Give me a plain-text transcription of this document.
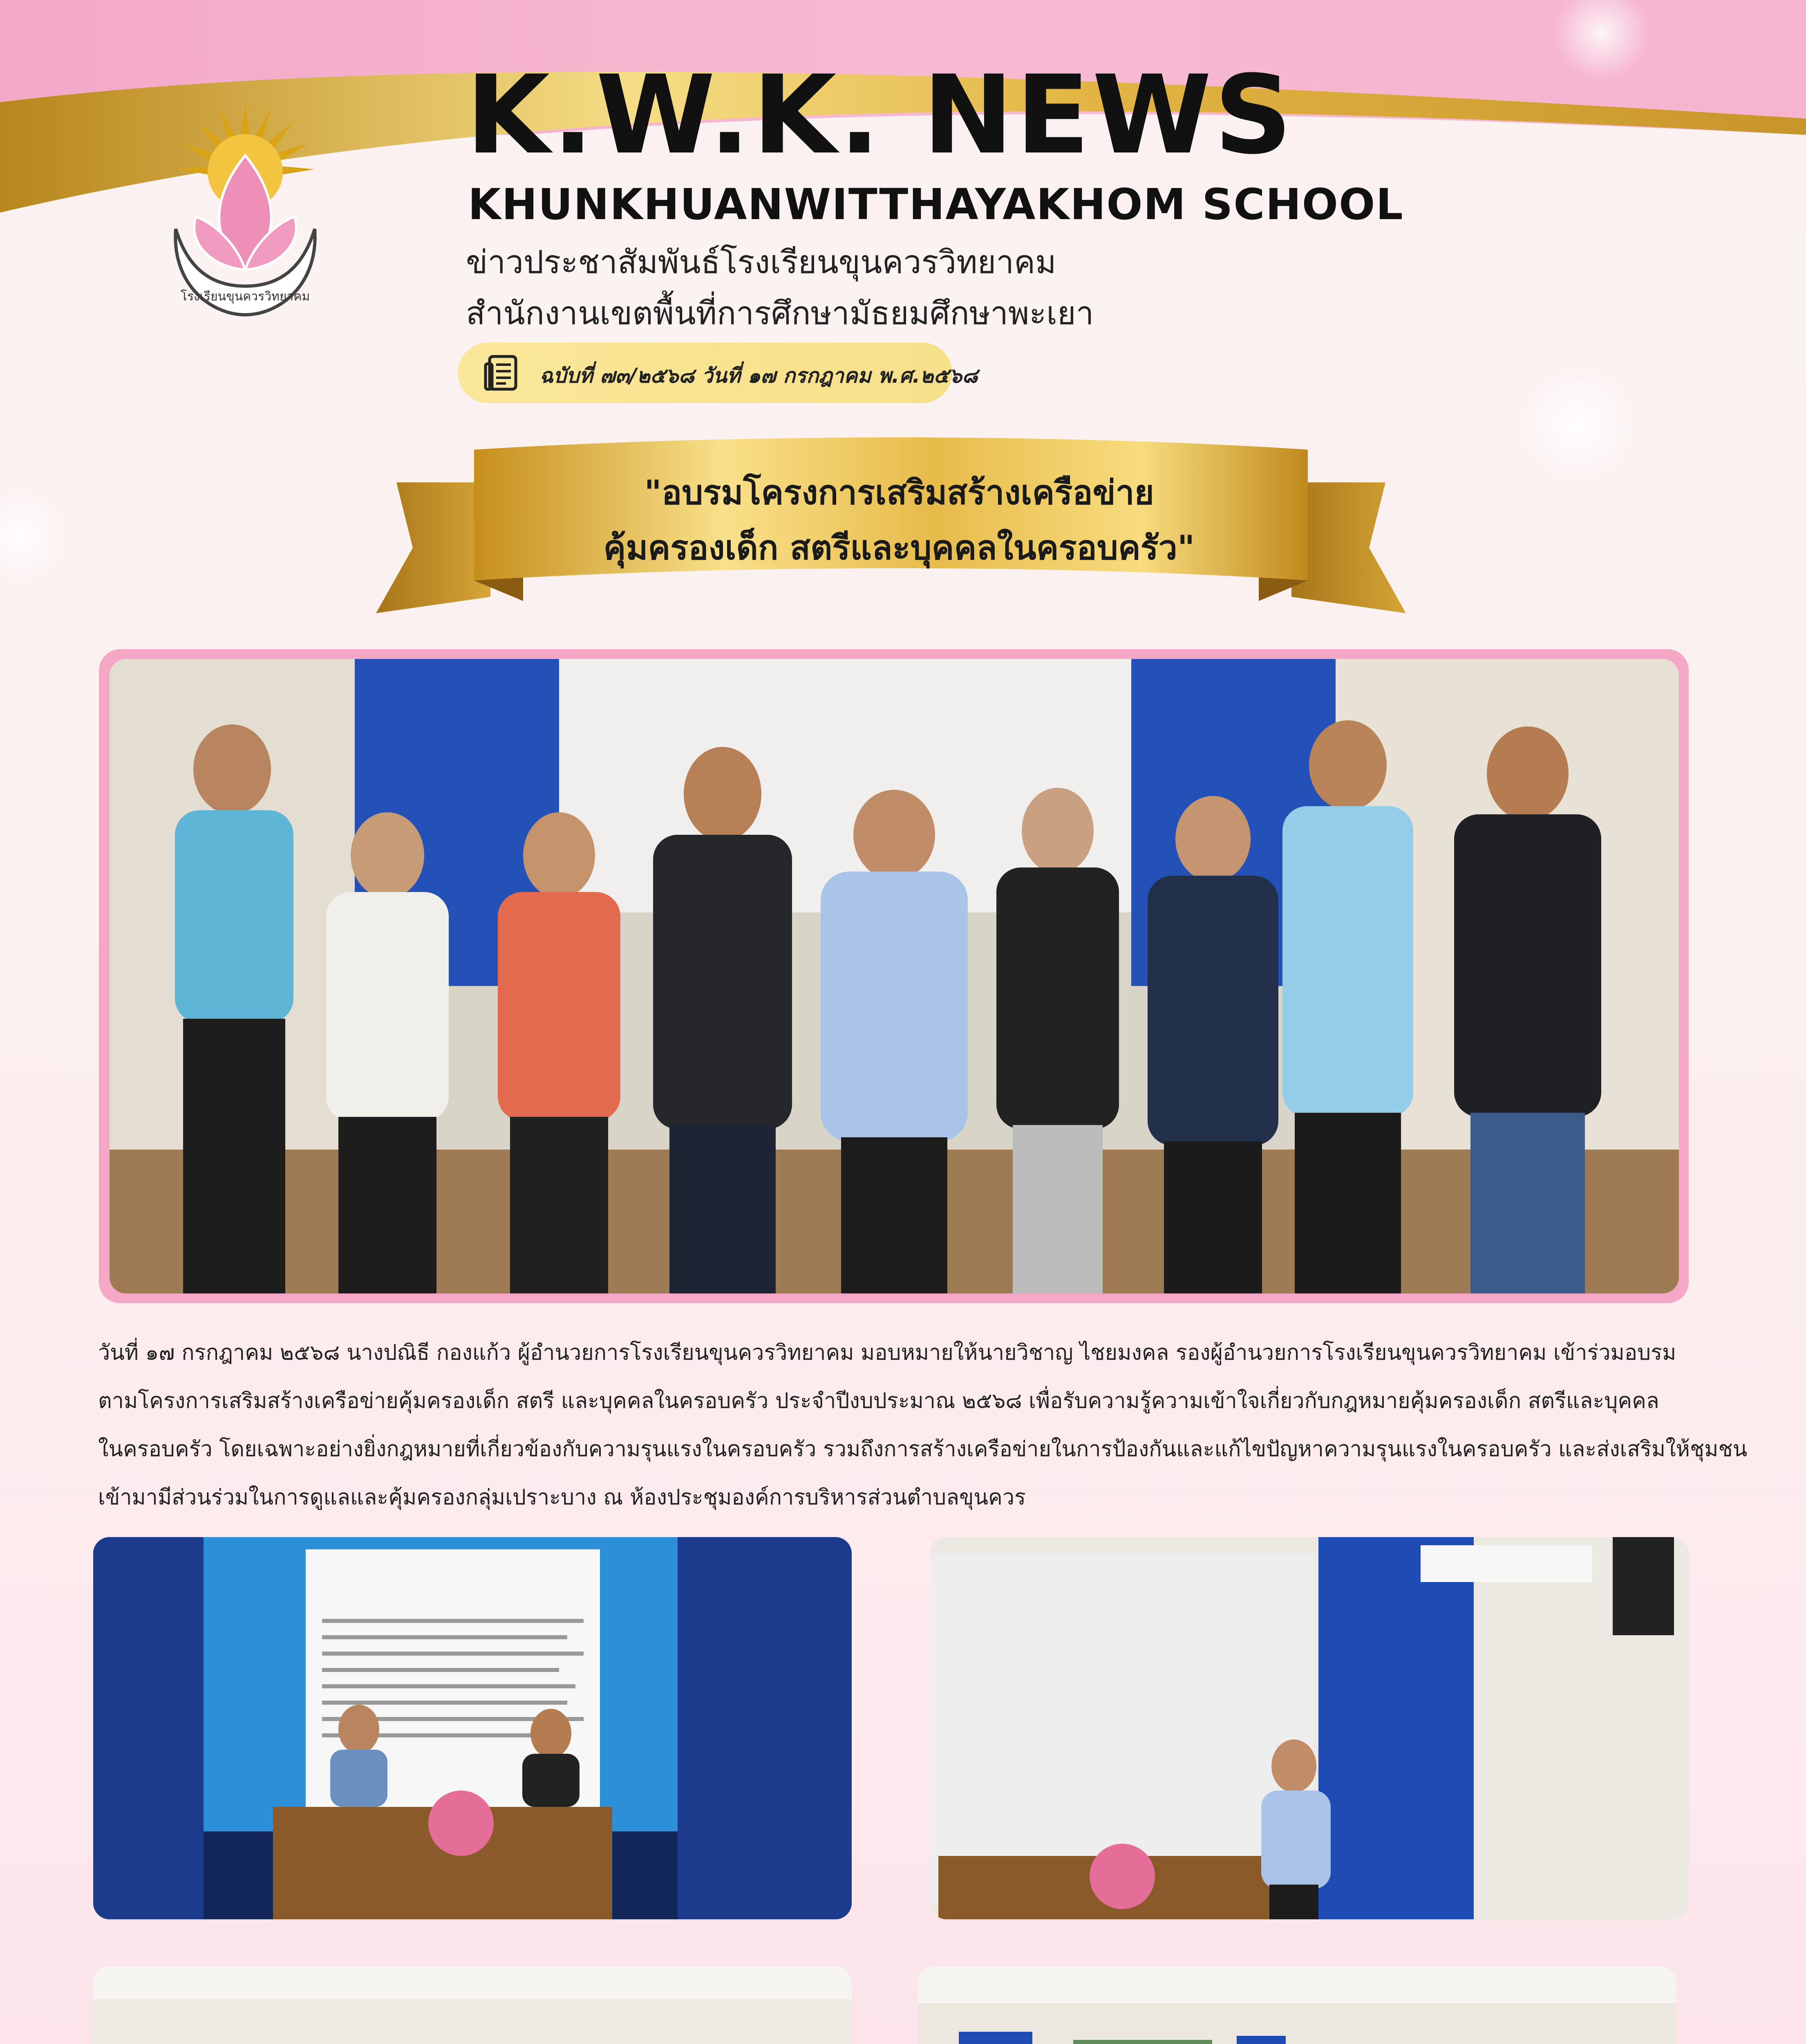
โรงเรียนขุนควรวิทยาคม
K.W.K. NEWS
KHUNKHUANWITTHAYAKHOM SCHOOL
ข่าวประชาสัมพันธ์โรงเรียนขุนควรวิทยาคม
สำนักงานเขตพื้นที่การศึกษามัธยมศึกษาพะเยา
ฉบับที่ ๗๓/๒๕๖๘ วันที่ ๑๗ กรกฎาคม พ.ศ.๒๕๖๘
"อบรมโครงการเสริมสร้างเครือข่าย
คุ้มครองเด็ก สตรีและบุคคลในครอบครัว"
วันที่ ๑๗ กรกฎาคม ๒๕๖๘ นางปณิธี กองแก้ว ผู้อำนวยการโรงเรียนขุนควรวิทยาคม มอบหมายให้นายวิชาญ ไชยมงคล รองผู้อำนวยการโรงเรียนขุนควรวิทยาคม เข้าร่วมอบรม
ตามโครงการเสริมสร้างเครือข่ายคุ้มครองเด็ก สตรี และบุคคลในครอบครัว ประจำปีงบประมาณ ๒๕๖๘ เพื่อรับความรู้ความเข้าใจเกี่ยวกับกฎหมายคุ้มครองเด็ก สตรีและบุคคล
ในครอบครัว โดยเฉพาะอย่างยิ่งกฎหมายที่เกี่ยวข้องกับความรุนแรงในครอบครัว รวมถึงการสร้างเครือข่ายในการป้องกันและแก้ไขปัญหาความรุนแรงในครอบครัว และส่งเสริมให้ชุมชน
เข้ามามีส่วนร่วมในการดูแลและคุ้มครองกลุ่มเปราะบาง ณ ห้องประชุมองค์การบริหารส่วนตำบลขุนควร
